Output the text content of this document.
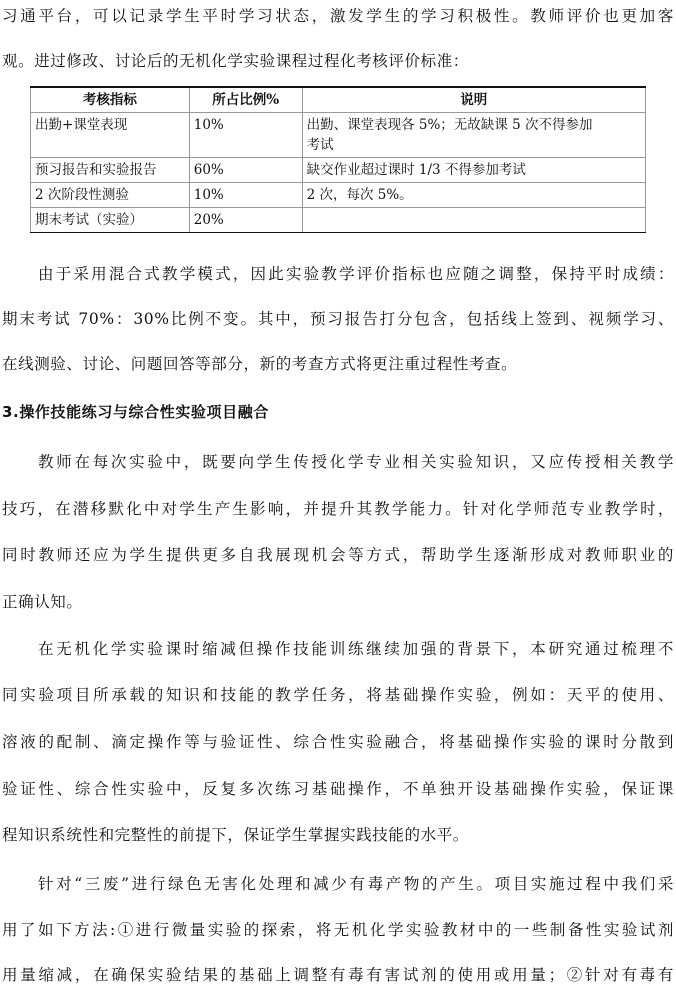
习通平台，可以记录学生平时学习状态，激发学生的学习积极性。教师评价也更加客
观。进过修改、讨论后的无机化学实验课程过程化考核评价标准：
考核指标	所占比例%	说明
出勤+课堂表现	10%	出勤、课堂表现各 5%；无故缺课 5 次不得参加
考试

预习报告和实验报告	60%	缺交作业超过课时 1/3 不得参加考试

2 次阶段性测验	10%	2 次，每次 5%。

期末考试（实验）	20%	

由于采用混合式教学模式，因此实验教学评价指标也应随之调整，保持平时成绩：
期末考试 70%：30%比例不变。其中，预习报告打分包含，包括线上签到、视频学习、
在线测验、讨论、问题回答等部分，新的考查方式将更注重过程性考查。
3.操作技能练习与综合性实验项目融合
教师在每次实验中，既要向学生传授化学专业相关实验知识，又应传授相关教学
技巧，在潜移默化中对学生产生影响，并提升其教学能力。针对化学师范专业教学时，
同时教师还应为学生提供更多自我展现机会等方式，帮助学生逐渐形成对教师职业的
正确认知。
在无机化学实验课时缩减但操作技能训练继续加强的背景下，本研究通过梳理不
同实验项目所承载的知识和技能的教学任务，将基础操作实验，例如：天平的使用、
溶液的配制、滴定操作等与验证性、综合性实验融合，将基础操作实验的课时分散到
验证性、综合性实验中，反复多次练习基础操作，不单独开设基础操作实验，保证课
程知识系统性和完整性的前提下，保证学生掌握实践技能的水平。
针对“三废”进行绿色无害化处理和减少有毒产物的产生。项目实施过程中我们采
用了如下方法:①进行微量实验的探索，将无机化学实验教材中的一些制备性实验试剂
用量缩减，在确保实验结果的基础上调整有毒有害试剂的使用或用量；②针对有毒有
